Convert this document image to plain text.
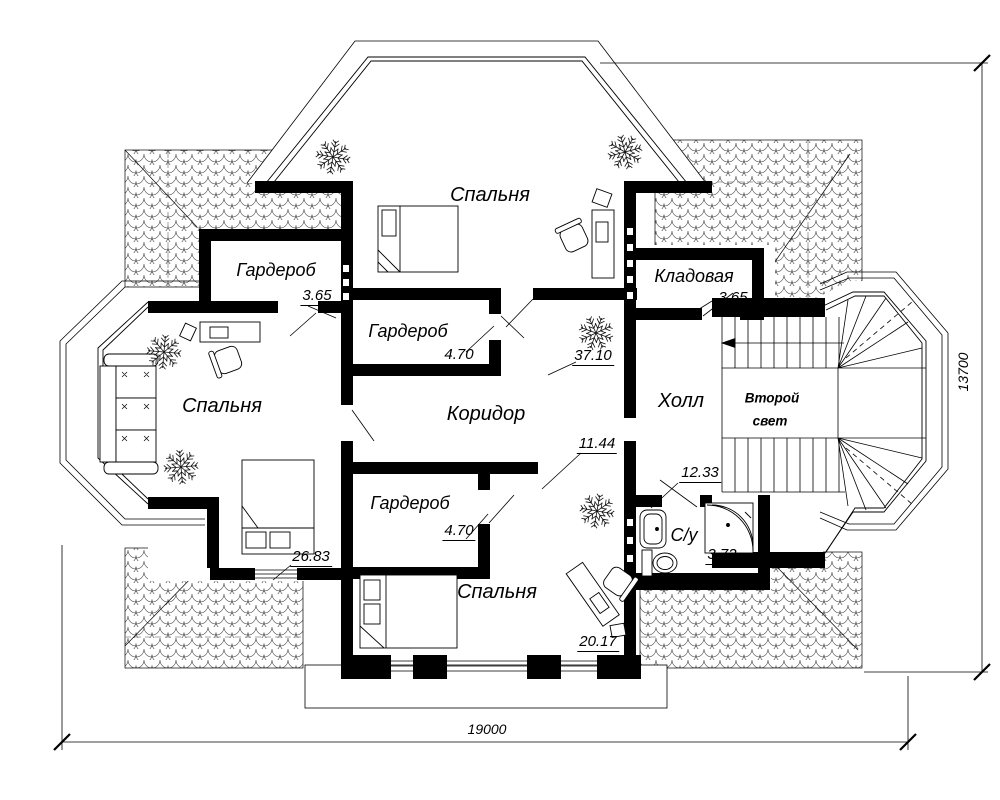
Спальня
Гардероб
3.65
Гардероб
4.70
Кладовая
3.65
37.10
Спальня	Коридор
Холл	Второй
свет
11.44
12.33
Гардероб
4.70	С/у
3.72
26.83
Спальня
20.17
19000
13700
